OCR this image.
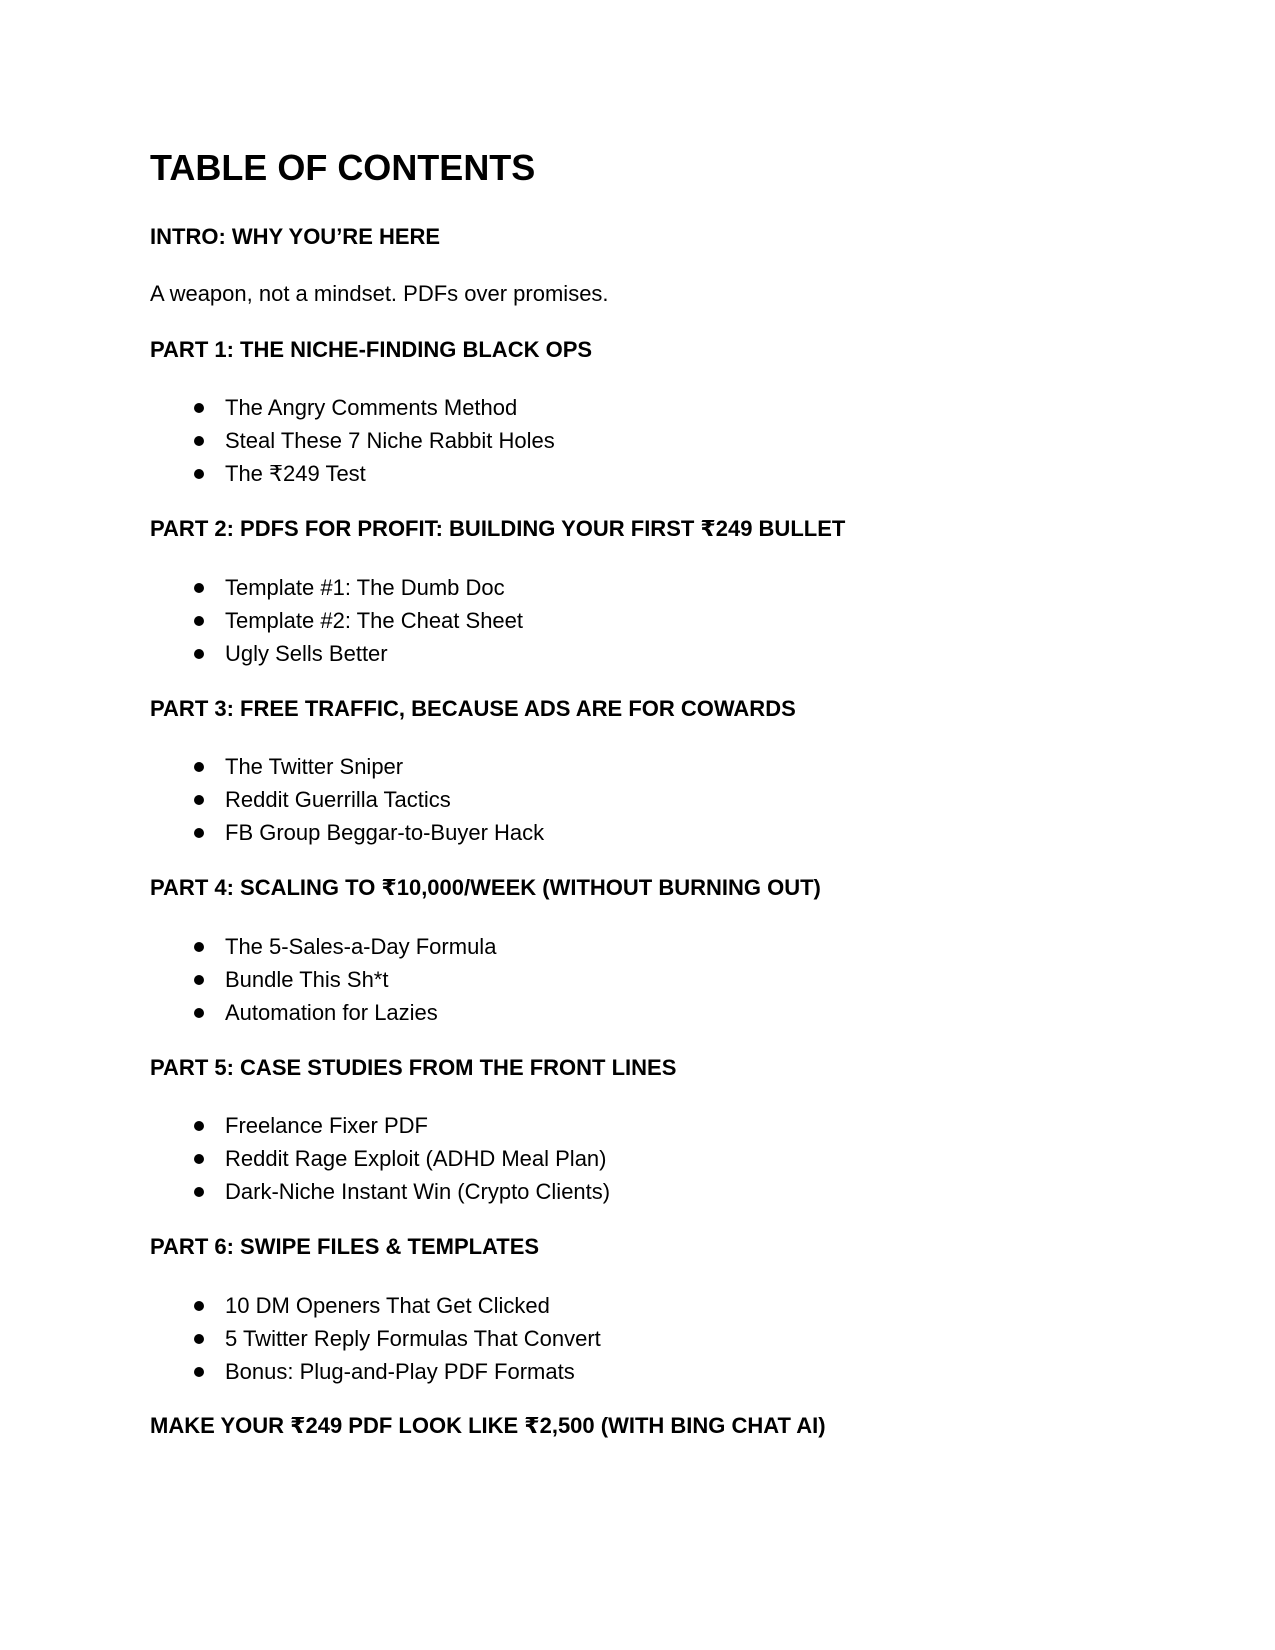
TABLE OF CONTENTS
INTRO: WHY YOU’RE HERE

A weapon, not a mindset. PDFs over promises.

PART 1: THE NICHE-FINDING BLACK OPS
The Angry Comments Method
Steal These 7 Niche Rabbit Holes
The ₹249 Test
PART 2: PDFS FOR PROFIT: BUILDING YOUR FIRST ₹249 BULLET
Template #1: The Dumb Doc
Template #2: The Cheat Sheet
Ugly Sells Better
PART 3: FREE TRAFFIC, BECAUSE ADS ARE FOR COWARDS
The Twitter Sniper
Reddit Guerrilla Tactics
FB Group Beggar-to-Buyer Hack
PART 4: SCALING TO ₹10,000/WEEK (WITHOUT BURNING OUT)
The 5-Sales-a-Day Formula
Bundle This Sh*t
Automation for Lazies
PART 5: CASE STUDIES FROM THE FRONT LINES
Freelance Fixer PDF
Reddit Rage Exploit (ADHD Meal Plan)
Dark-Niche Instant Win (Crypto Clients)
PART 6: SWIPE FILES & TEMPLATES
10 DM Openers That Get Clicked
5 Twitter Reply Formulas That Convert
Bonus: Plug-and-Play PDF Formats
MAKE YOUR ₹249 PDF LOOK LIKE ₹2,500 (WITH BING CHAT AI)
